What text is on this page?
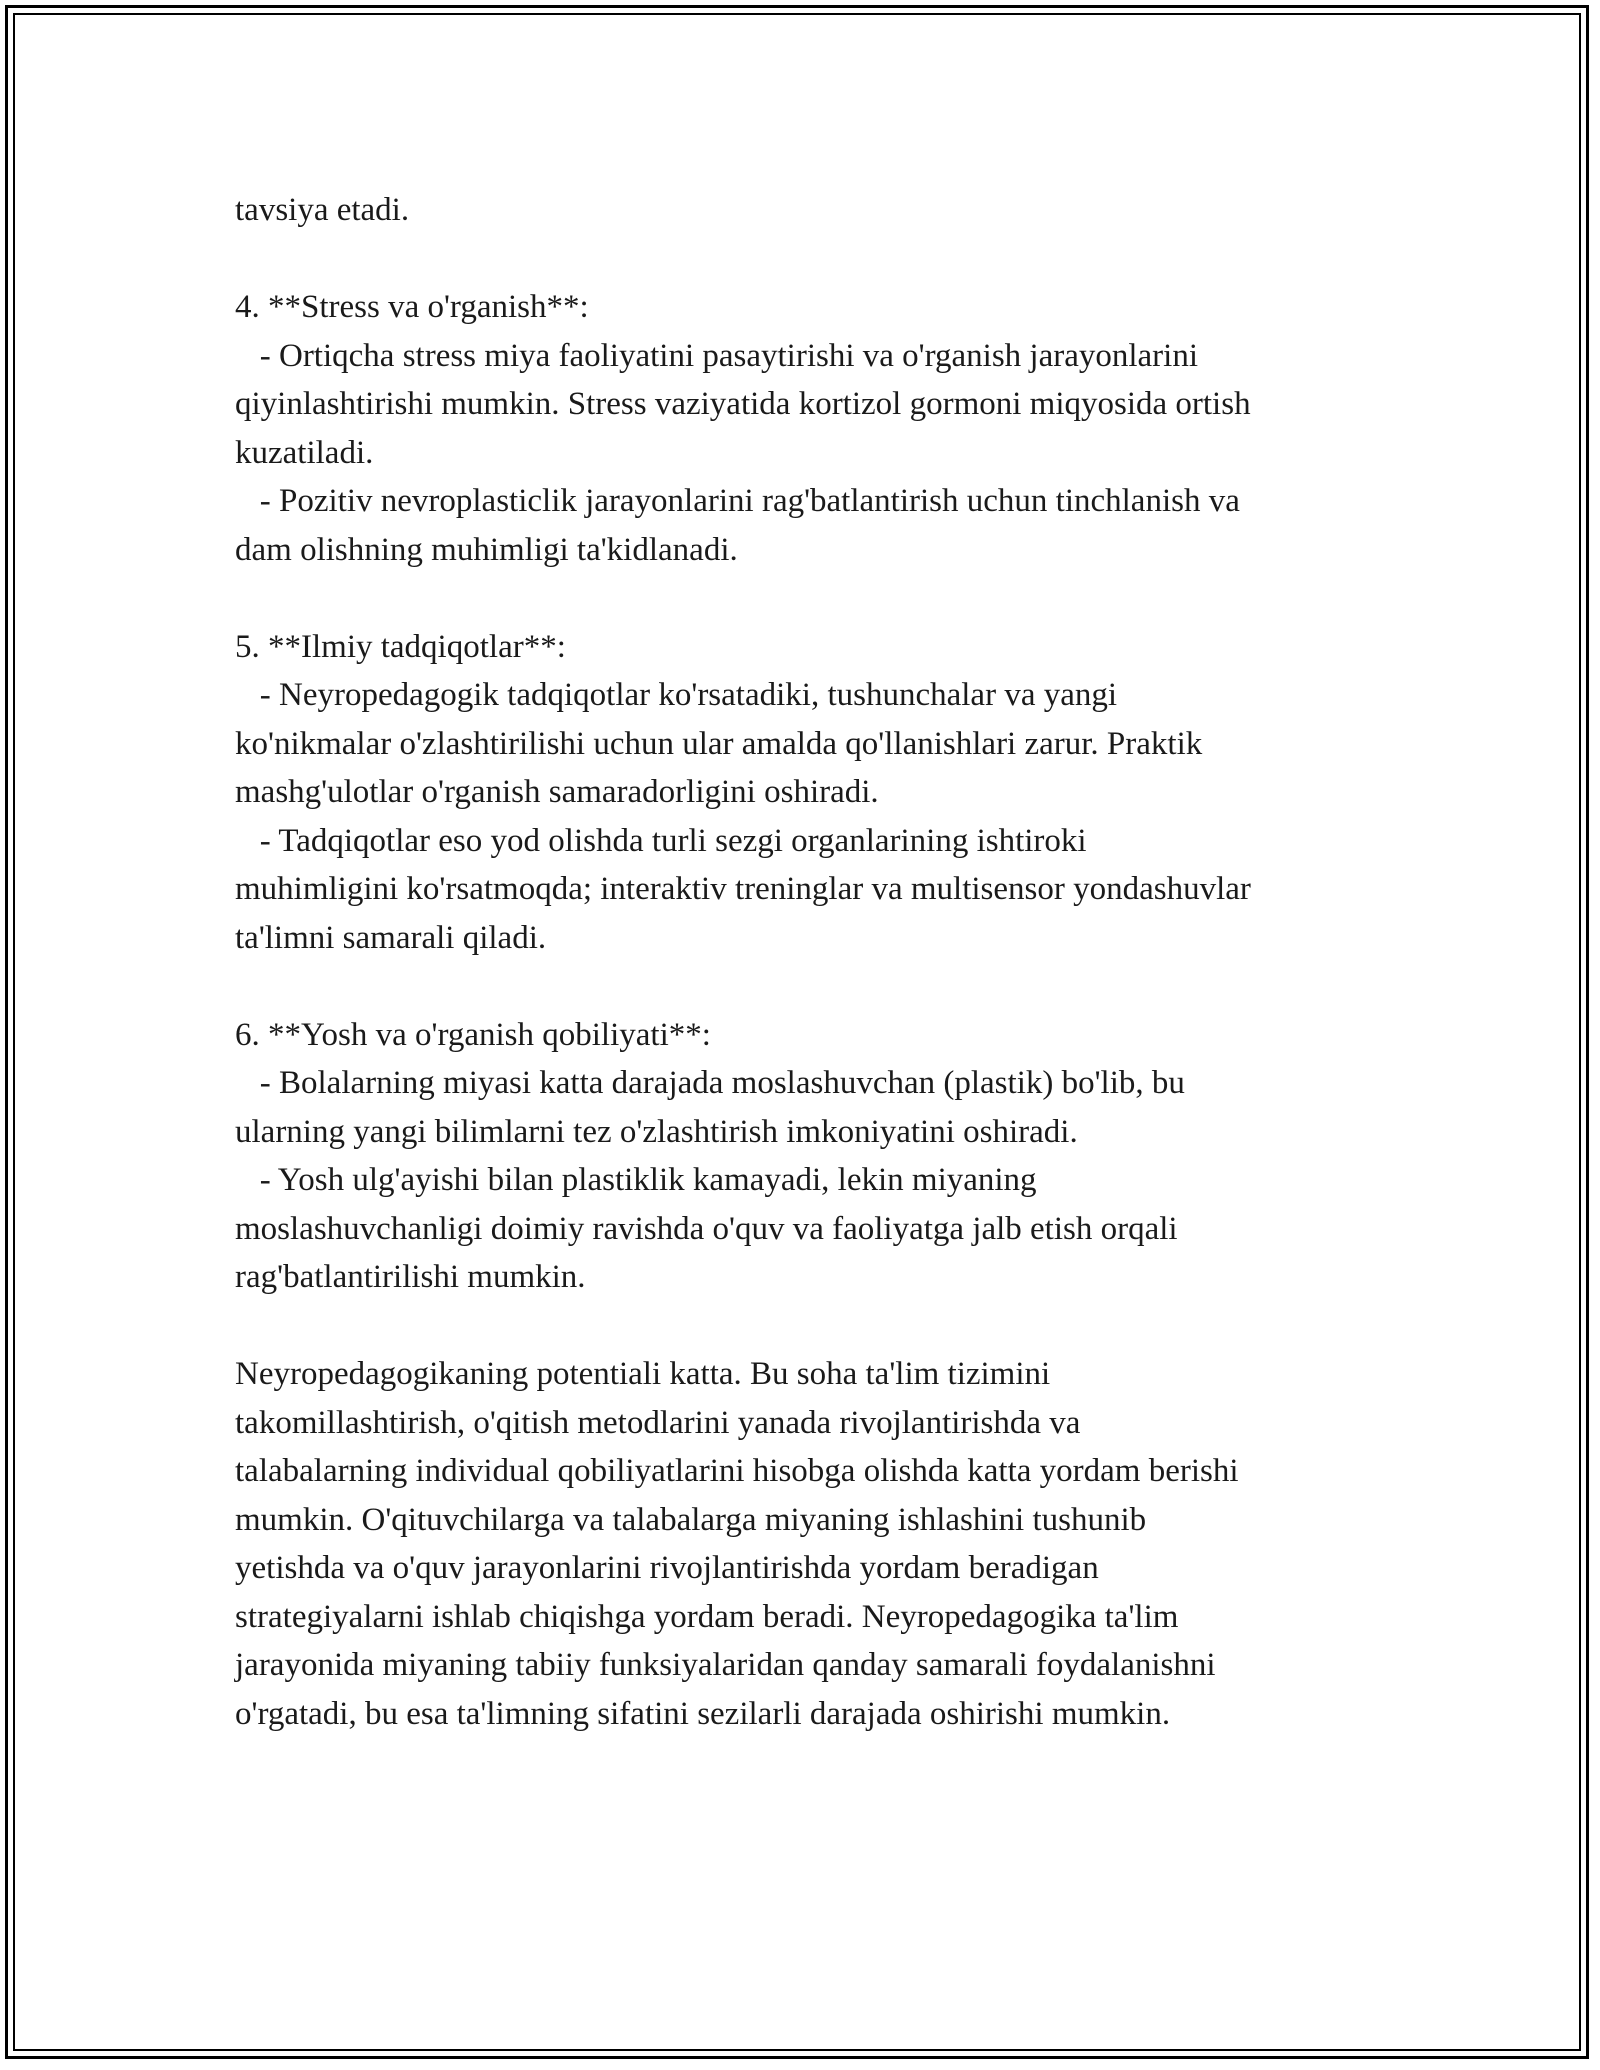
tavsiya etadi.
4. **Stress va o'rganish**:
- Ortiqcha stress miya faoliyatini pasaytirishi va o'rganish jarayonlarini
qiyinlashtirishi mumkin. Stress vaziyatida kortizol gormoni miqyosida ortish
kuzatiladi.
- Pozitiv nevroplasticlik jarayonlarini rag'batlantirish uchun tinchlanish va
dam olishning muhimligi ta'kidlanadi.
5. **Ilmiy tadqiqotlar**:
- Neyropedagogik tadqiqotlar ko'rsatadiki, tushunchalar va yangi
ko'nikmalar o'zlashtirilishi uchun ular amalda qo'llanishlari zarur. Praktik
mashg'ulotlar o'rganish samaradorligini oshiradi.
- Tadqiqotlar eso yod olishda turli sezgi organlarining ishtiroki
muhimligini ko'rsatmoqda; interaktiv treninglar va multisensor yondashuvlar
ta'limni samarali qiladi.
6. **Yosh va o'rganish qobiliyati**:
- Bolalarning miyasi katta darajada moslashuvchan (plastik) bo'lib, bu
ularning yangi bilimlarni tez o'zlashtirish imkoniyatini oshiradi.
- Yosh ulg'ayishi bilan plastiklik kamayadi, lekin miyaning
moslashuvchanligi doimiy ravishda o'quv va faoliyatga jalb etish orqali
rag'batlantirilishi mumkin.
Neyropedagogikaning potentiali katta. Bu soha ta'lim tizimini
takomillashtirish, o'qitish metodlarini yanada rivojlantirishda va
talabalarning individual qobiliyatlarini hisobga olishda katta yordam berishi
mumkin. O'qituvchilarga va talabalarga miyaning ishlashini tushunib
yetishda va o'quv jarayonlarini rivojlantirishda yordam beradigan
strategiyalarni ishlab chiqishga yordam beradi. Neyropedagogika ta'lim
jarayonida miyaning tabiiy funksiyalaridan qanday samarali foydalanishni
o'rgatadi, bu esa ta'limning sifatini sezilarli darajada oshirishi mumkin.
